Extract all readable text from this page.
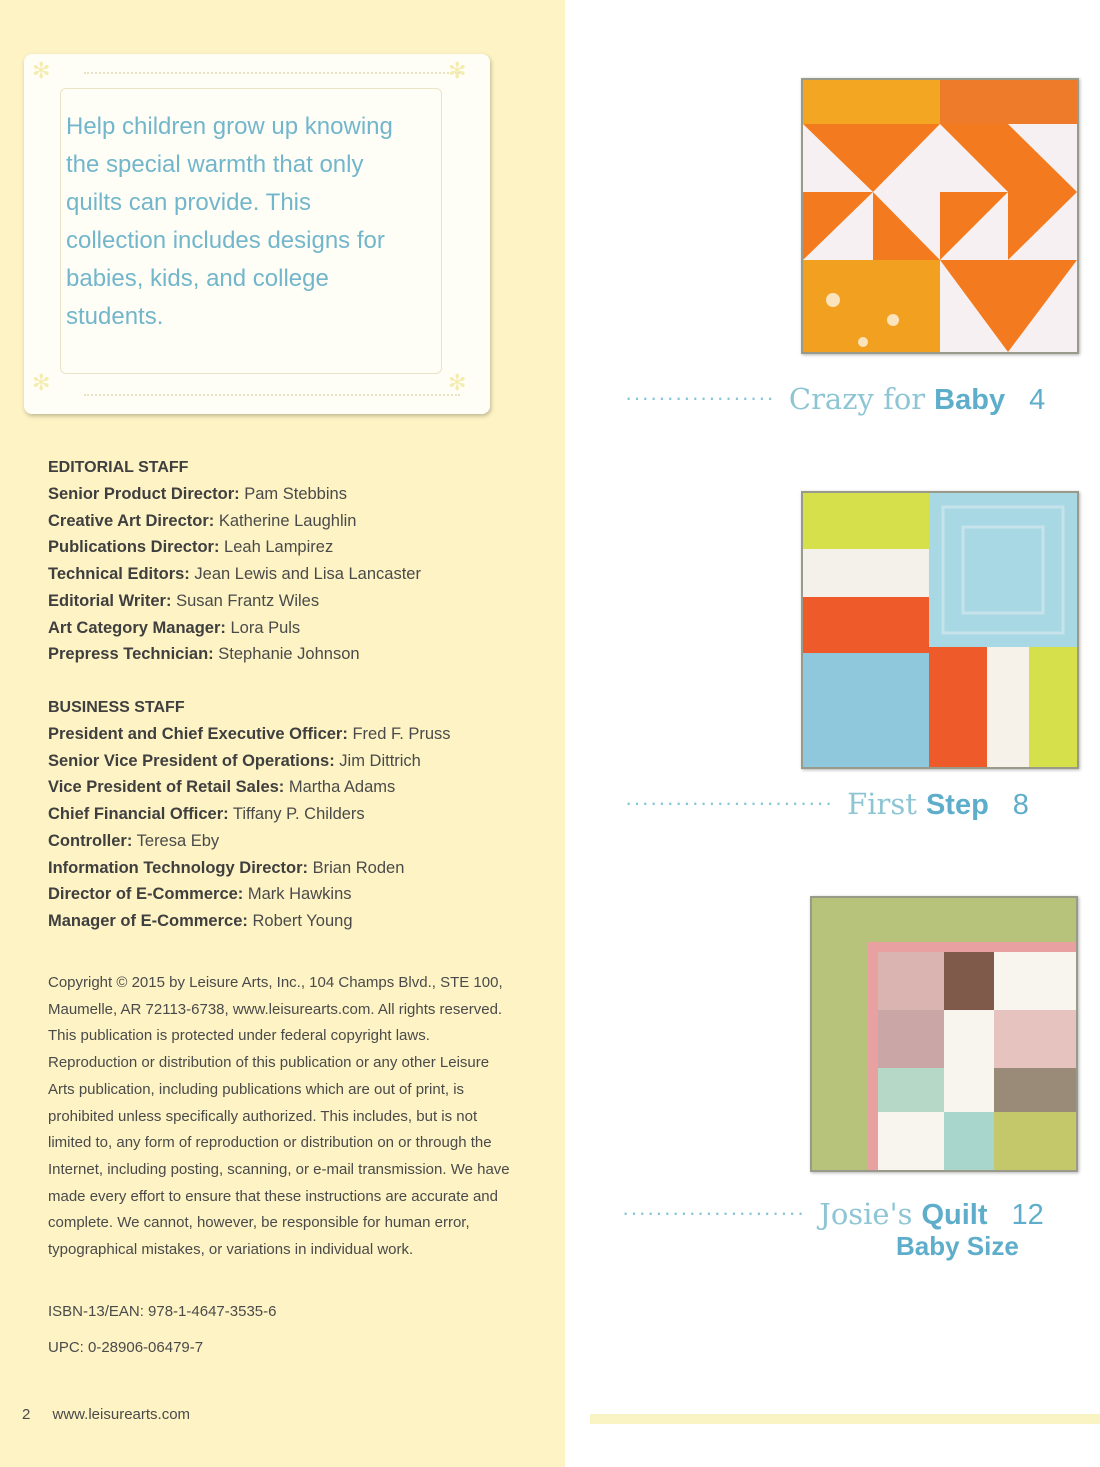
✻	✻
✻	✻

Help children grow up knowing the special warmth that only quilts can provide. This collection includes designs for babies, kids, and college students.

EDITORIAL STAFF
Senior Product Director: Pam Stebbins
Creative Art Director: Katherine Laughlin
Publications Director: Leah Lampirez
Technical Editors: Jean Lewis and Lisa Lancaster
Editorial Writer: Susan Frantz Wiles
Art Category Manager: Lora Puls
Prepress Technician: Stephanie Johnson
BUSINESS STAFF
President and Chief Executive Officer: Fred F. Pruss
Senior Vice President of Operations: Jim Dittrich
Vice President of Retail Sales: Martha Adams
Chief Financial Officer: Tiffany P. Childers
Controller: Teresa Eby
Information Technology Director: Brian Roden
Director of E-Commerce: Mark Hawkins
Manager of E-Commerce: Robert Young

Copyright © 2015 by Leisure Arts, Inc., 104 Champs Blvd., STE 100, Maumelle, AR 72113-6738, www.leisurearts.com. All rights reserved. This publication is protected under federal copyright laws. Reproduction or distribution of this publication or any other Leisure Arts publication, including publications which are out of print, is prohibited unless specifically authorized. This includes, but is not limited to, any form of reproduction or distribution on or through the Internet, including posting, scanning, or e-mail transmission. We have made every effort to ensure that these instructions are accurate and complete. We cannot, however, be responsible for human error, typographical mistakes, or variations in individual work.

ISBN-13/EAN: 978-1-4647-3535-6

UPC: 0-28906-06479-7

2 www.leisurearts.com
·················· Crazy for Baby 4
························· First Step 8
······················ Josie's Quilt 12
Baby Size
